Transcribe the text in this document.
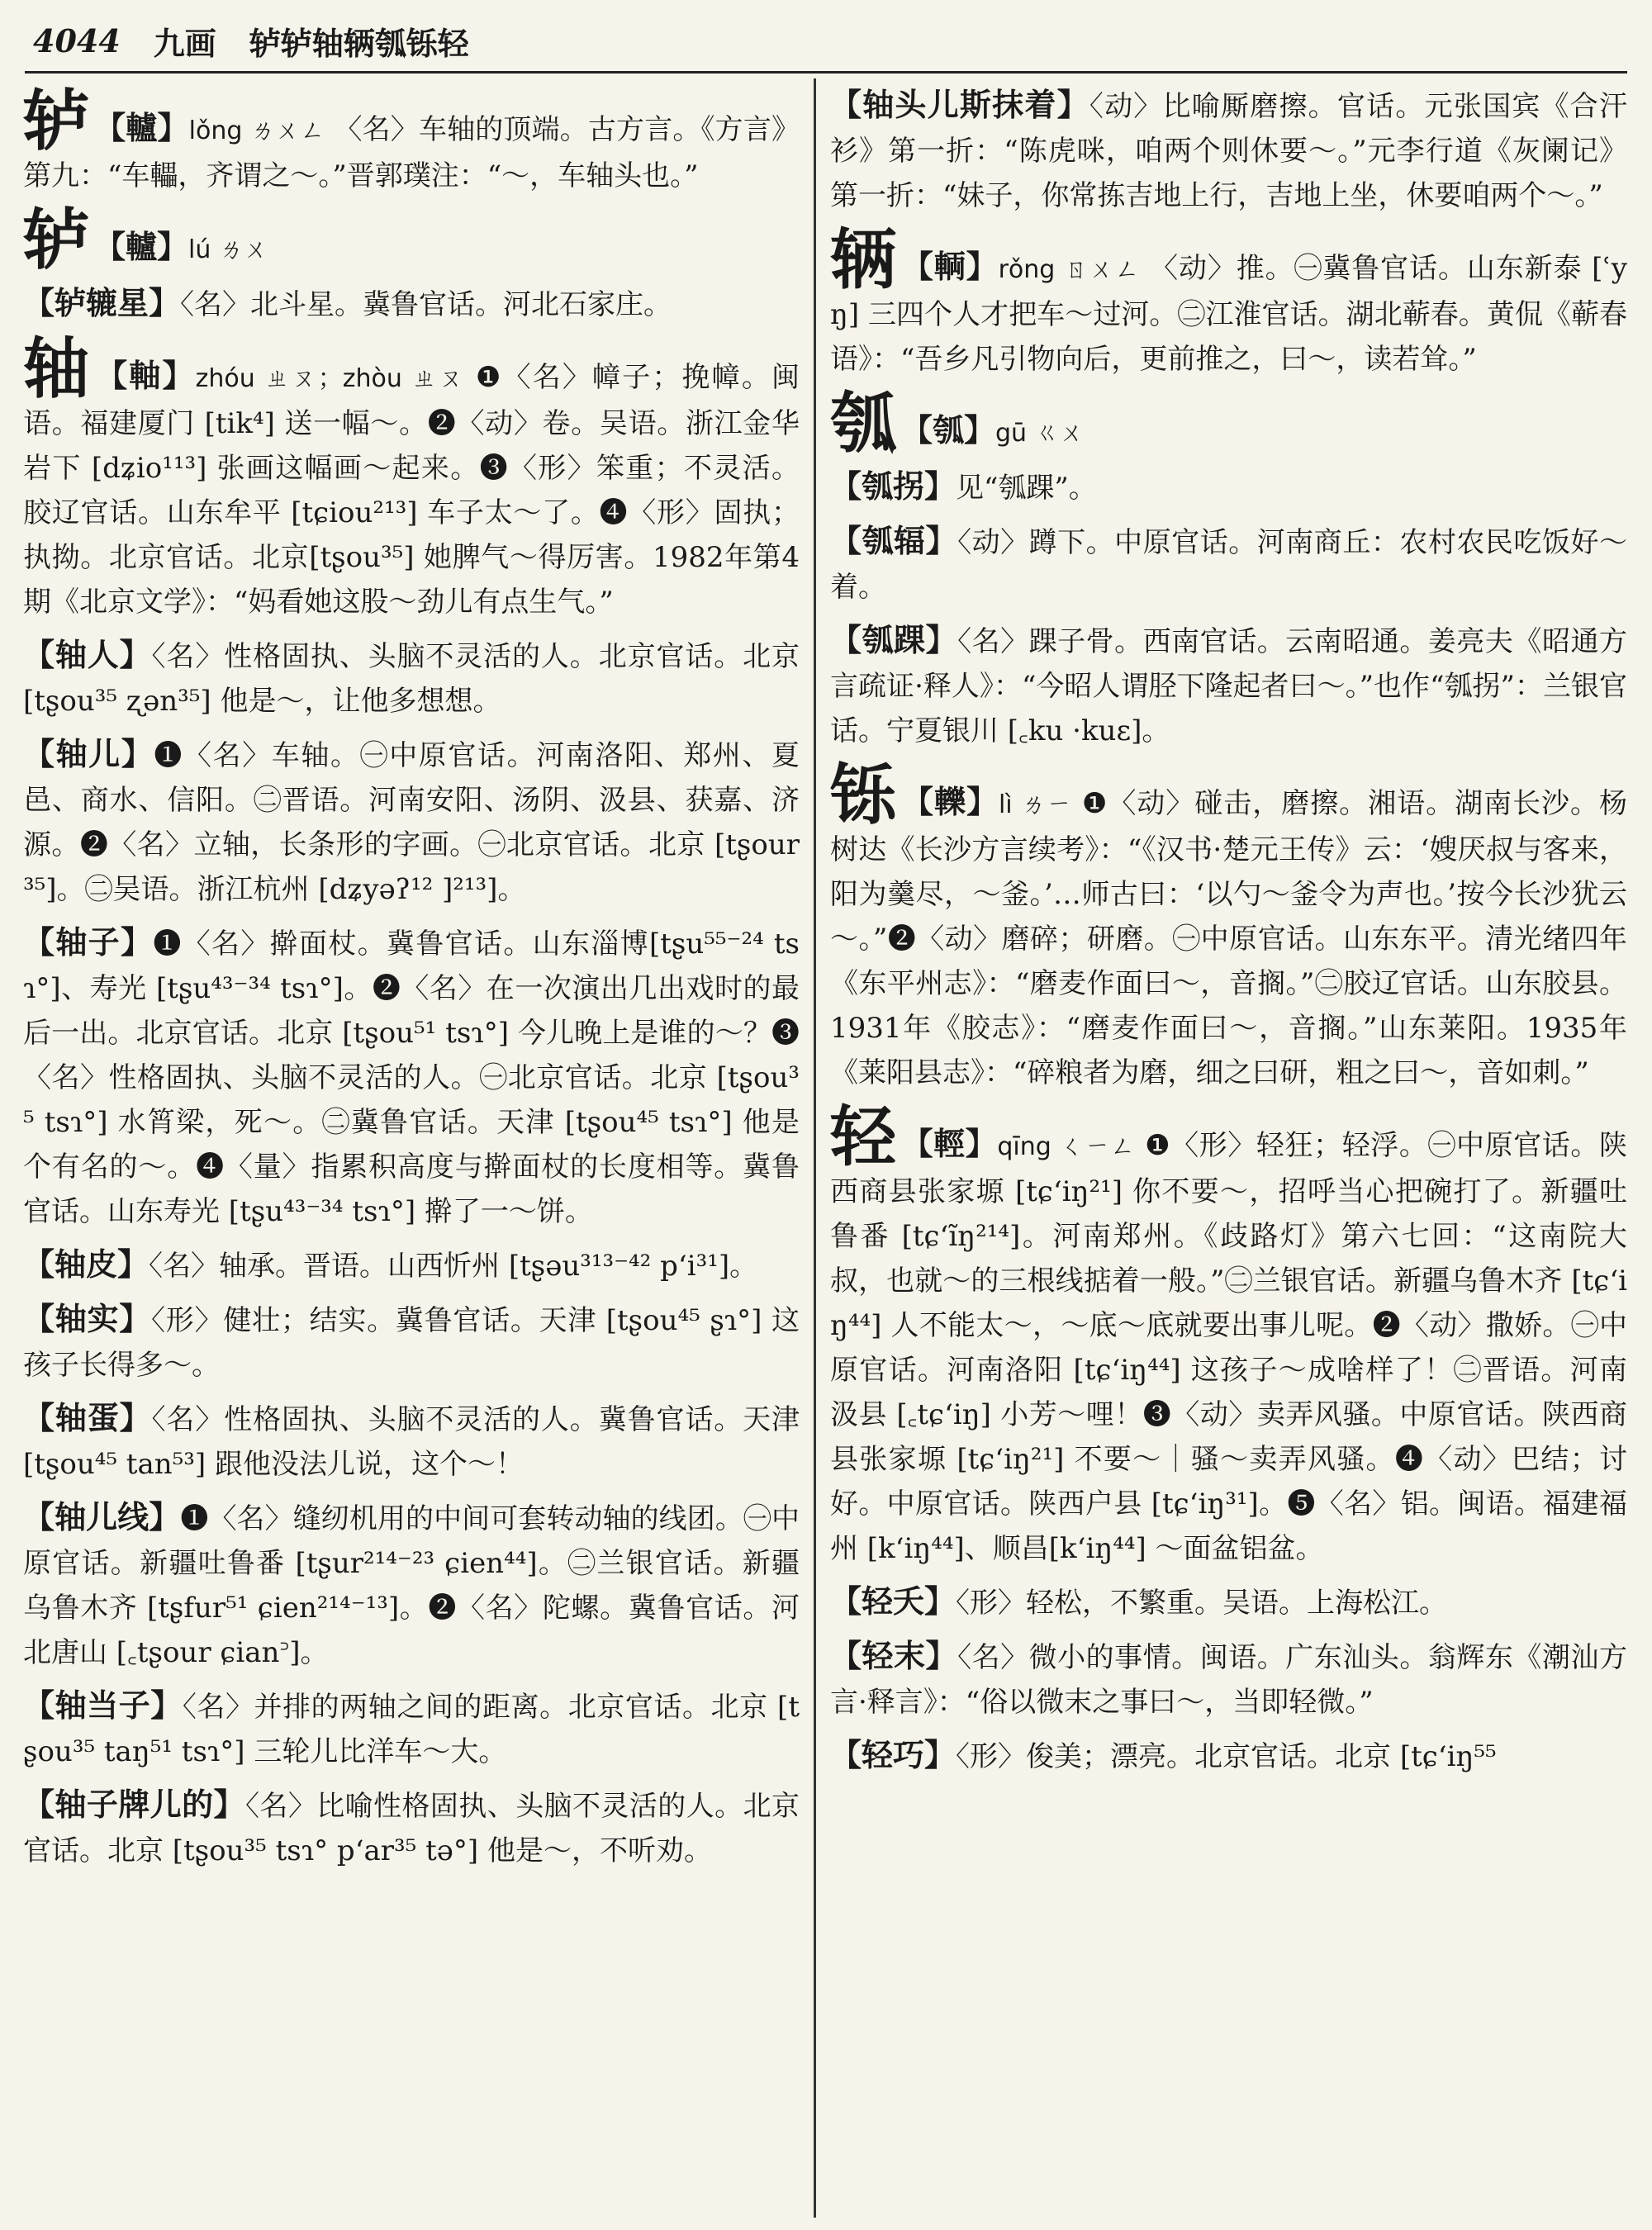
4044 九画 轳轳轴辆瓠铄轻
轳 【轤】lǒng ㄌㄨㄥ 〈名〉车轴的顶端。古方言。《方言》第九：“车轠，齐谓之～。”晋郭璞注：“～，车轴头也。”
轳 【轤】lú ㄌㄨ
【轳辘星】〈名〉北斗星。冀鲁官话。河北石家庄。
轴 【軸】zhóu ㄓㄡ；zhòu ㄓㄡ ❶〈名〉幛子；挽幛。闽语。福建厦门 [tik⁴] 送一幅～。❷〈动〉卷。吴语。浙江金华岩下 [dʑio¹¹³] 张画这幅画～起来。❸〈形〉笨重；不灵活。胶辽官话。山东牟平 [tɕiou²¹³] 车子太～了。❹〈形〉固执；执拗。北京官话。北京[tʂou³⁵] 她脾气～得厉害。1982年第4期《北京文学》：“妈看她这股～劲儿有点生气。”
【轴人】〈名〉性格固执、头脑不灵活的人。北京官话。北京 [tʂou³⁵ ʐən³⁵] 他是～，让他多想想。
【轴儿】❶〈名〉车轴。㊀中原官话。河南洛阳、郑州、夏邑、商水、信阳。㊁晋语。河南安阳、汤阴、汲县、获嘉、济源。❷〈名〉立轴，长条形的字画。㊀北京官话。北京 [tʂour³⁵]。㊁吴语。浙江杭州 [dʑyəʔ¹² ]²¹³]。
【轴子】❶〈名〉擀面杖。冀鲁官话。山东淄博[tʂu⁵⁵⁻²⁴ tsɿ°]、寿光 [tʂu⁴³⁻³⁴ tsɿ°]。❷〈名〉在一次演出几出戏时的最后一出。北京官话。北京 [tʂou⁵¹ tsɿ°] 今儿晚上是谁的～？❸〈名〉性格固执、头脑不灵活的人。㊀北京官话。北京 [tʂou³⁵ tsɿ°] 水筲梁，死～。㊁冀鲁官话。天津 [tʂou⁴⁵ tsɿ°] 他是个有名的～。❹〈量〉指累积高度与擀面杖的长度相等。冀鲁官话。山东寿光 [tʂu⁴³⁻³⁴ tsɿ°] 擀了一～饼。
【轴皮】〈名〉轴承。晋语。山西忻州 [tʂəu³¹³⁻⁴² pʻi³¹]。
【轴实】〈形〉健壮；结实。冀鲁官话。天津 [tʂou⁴⁵ ʂɿ°] 这孩子长得多～。
【轴蛋】〈名〉性格固执、头脑不灵活的人。冀鲁官话。天津 [tʂou⁴⁵ tan⁵³] 跟他没法儿说，这个～！
【轴儿线】❶〈名〉缝纫机用的中间可套转动轴的线团。㊀中原官话。新疆吐鲁番 [tʂur²¹⁴⁻²³ ɕien⁴⁴]。㊁兰银官话。新疆乌鲁木齐 [tʂfur⁵¹ ɕien²¹⁴⁻¹³]。❷〈名〉陀螺。冀鲁官话。河北唐山 [꜀tʂour ɕian꜄]。
【轴当子】〈名〉并排的两轴之间的距离。北京官话。北京 [tʂou³⁵ taŋ⁵¹ tsɿ°] 三轮儿比洋车～大。
【轴子牌儿的】〈名〉比喻性格固执、头脑不灵活的人。北京官话。北京 [tʂou³⁵ tsɿ° pʻar³⁵ tə°] 他是～，不听劝。
【轴头儿斯抹着】〈动〉比喻厮磨擦。官话。元张国宾《合汗衫》第一折：“陈虎咪，咱两个则休要～。”元李行道《灰阑记》第一折：“妹子，你常拣吉地上行，吉地上坐，休要咱两个～。”
辆 【輌】rǒng ㄖㄨㄥ 〈动〉推。㊀冀鲁官话。山东新泰 [ʿyŋ] 三四个人才把车～过河。㊁江淮官话。湖北蕲春。黄侃《蕲春语》：“吾乡凡引物向后，更前推之，曰～，读若耸。”
瓠 【瓠】gū ㄍㄨ
【瓠拐】见“瓠踝”。
【瓠辐】〈动〉蹲下。中原官话。河南商丘：农村农民吃饭好～着。
【瓠踝】〈名〉踝子骨。西南官话。云南昭通。姜亮夫《昭通方言疏证·释人》：“今昭人谓胫下隆起者曰～。”也作“瓠拐”：兰银官话。宁夏银川 [꜀ku ·kuɛ]。
铄 【轢】lì ㄌㄧ ❶〈动〉碰击，磨擦。湘语。湖南长沙。杨树达《长沙方言续考》：“《汉书·楚元王传》云：‘嫂厌叔与客来，阳为羹尽，～釜。’…师古曰：‘以勺～釜令为声也。’按今长沙犹云～。”❷〈动〉磨碎；研磨。㊀中原官话。山东东平。清光绪四年《东平州志》：“磨麦作面曰～，音搁。”㊁胶辽官话。山东胶县。1931年《胶志》：“磨麦作面曰～，音搁。”山东莱阳。1935年《莱阳县志》：“碎粮者为磨，细之曰研，粗之曰～，音如刺。”
轻 【輕】qīng ㄑㄧㄥ ❶〈形〉轻狂；轻浮。㊀中原官话。陕西商县张家塬 [tɕʻiŋ²¹] 你不要～，招呼当心把碗打了。新疆吐鲁番 [tɕʻĩŋ²¹⁴]。河南郑州。《歧路灯》第六七回：“这南院大叔，也就～的三根线掂着一般。”㊁兰银官话。新疆乌鲁木齐 [tɕʻiŋ⁴⁴] 人不能太～，～底～底就要出事儿呢。❷〈动〉撒娇。㊀中原官话。河南洛阳 [tɕʻiŋ⁴⁴] 这孩子～成啥样了！㊁晋语。河南汲县 [꜀tɕʻiŋ] 小芳～哩！❸〈动〉卖弄风骚。中原官话。陕西商县张家塬 [tɕʻiŋ²¹] 不要～｜骚～卖弄风骚。❹〈动〉巴结；讨好。中原官话。陕西户县 [tɕʻiŋ³¹]。❺〈名〉铝。闽语。福建福州 [kʻiŋ⁴⁴]、顺昌[kʻiŋ⁴⁴] ～面盆铝盆。
【轻夭】〈形〉轻松，不繁重。吴语。上海松江。
【轻末】〈名〉微小的事情。闽语。广东汕头。翁辉东《潮汕方言·释言》：“俗以微末之事曰～，当即轻微。”
【轻巧】〈形〉俊美；漂亮。北京官话。北京 [tɕʻiŋ⁵⁵
